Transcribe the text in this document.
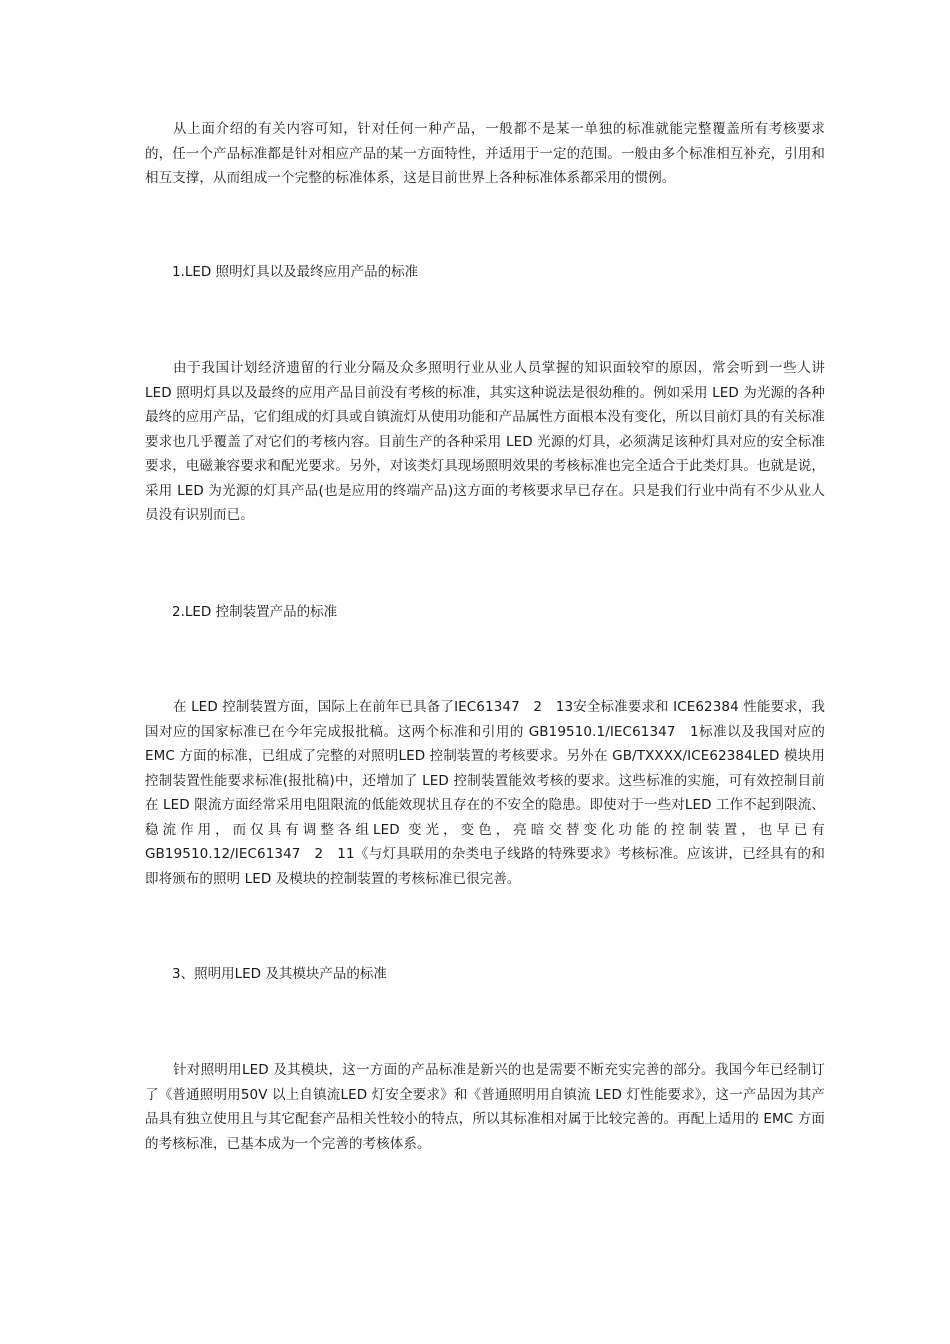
从上面介绍的有关内容可知，针对任何一种产品，一般都不是某一单独的标准就能完整覆盖所有考核要求的，任一个产品标准都是针对相应产品的某一方面特性，并适用于一定的范围。一般由多个标准相互补充，引用和相互支撑，从而组成一个完整的标准体系，这是目前世界上各种标准体系都采用的惯例。

1.LED 照明灯具以及最终应用产品的标准

由于我国计划经济遗留的行业分隔及众多照明行业从业人员掌握的知识面较窄的原因，常会听到一些人讲 LED 照明灯具以及最终的应用产品目前没有考核的标准，其实这种说法是很幼稚的。例如采用 LED 为光源的各种最终的应用产品，它们组成的灯具或自镇流灯从使用功能和产品属性方面根本没有变化，所以目前灯具的有关标准要求也几乎覆盖了对它们的考核内容。目前生产的各种采用 LED 光源的灯具，必须满足该种灯具对应的安全标准要求，电磁兼容要求和配光要求。另外，对该类灯具现场照明效果的考核标准也完全适合于此类灯具。也就是说，采用 LED 为光源的灯具产品(也是应用的终端产品)这方面的考核要求早已存在。只是我们行业中尚有不少从业人员没有识别而已。

2.LED 控制装置产品的标准

在 LED 控制装置方面，国际上在前年已具备了IEC61347　2　13安全标准要求和 ICE62384 性能要求，我国对应的国家标准已在今年完成报批稿。这两个标准和引用的 GB19510.1/IEC61347　1标准以及我国对应的 EMC 方面的标准，已组成了完整的对照明LED 控制装置的考核要求。另外在 GB/TXXXX/ICE62384LED 模块用控制装置性能要求标准(报批稿)中，还增加了 LED 控制装置能效考核的要求。这些标准的实施，可有效控制目前在 LED 限流方面经常采用电阻限流的低能效现状且存在的不安全的隐患。即使对于一些对LED 工作不起到限流、稳流作用，而仅具有调整各组LED 变光，变色，亮暗交替变化功能的控制装置，也早已有GB19510.12/IEC61347　2　11《与灯具联用的杂类电子线路的特殊要求》考核标准。应该讲，已经具有的和即将颁布的照明 LED 及模块的控制装置的考核标准已很完善。

3、照明用LED 及其模块产品的标准

针对照明用LED 及其模块，这一方面的产品标准是新兴的也是需要不断充实完善的部分。我国今年已经制订了《普通照明用50V 以上自镇流LED 灯安全要求》和《普通照明用自镇流 LED 灯性能要求》，这一产品因为其产品具有独立使用且与其它配套产品相关性较小的特点，所以其标准相对属于比较完善的。再配上适用的 EMC 方面的考核标准，已基本成为一个完善的考核体系。
